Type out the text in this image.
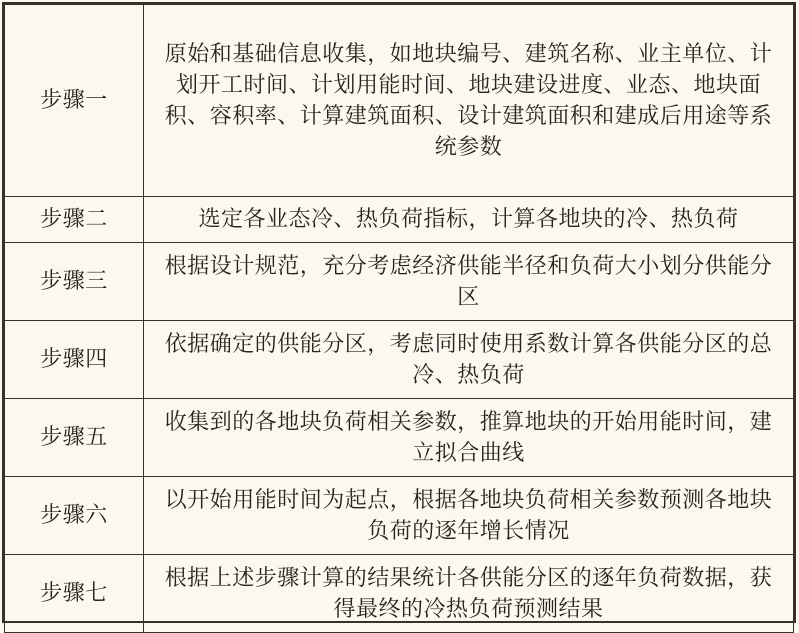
步骤一	原始和基础信息收集，如地块编号、建筑名称、业主单位、计划开工时间、计划用能时间、地块建设进度、业态、地块面积、容积率、计算建筑面积、设计建筑面积和建成后用途等系统参数
步骤二	选定各业态冷、热负荷指标，计算各地块的冷、热负荷
步骤三	根据设计规范，充分考虑经济供能半径和负荷大小划分供能分区
步骤四	依据确定的供能分区，考虑同时使用系数计算各供能分区的总冷、热负荷
步骤五	收集到的各地块负荷相关参数，推算地块的开始用能时间，建立拟合曲线
步骤六	以开始用能时间为起点，根据各地块负荷相关参数预测各地块负荷的逐年增长情况
步骤七	根据上述步骤计算的结果统计各供能分区的逐年负荷数据，获得最终的冷热负荷预测结果
